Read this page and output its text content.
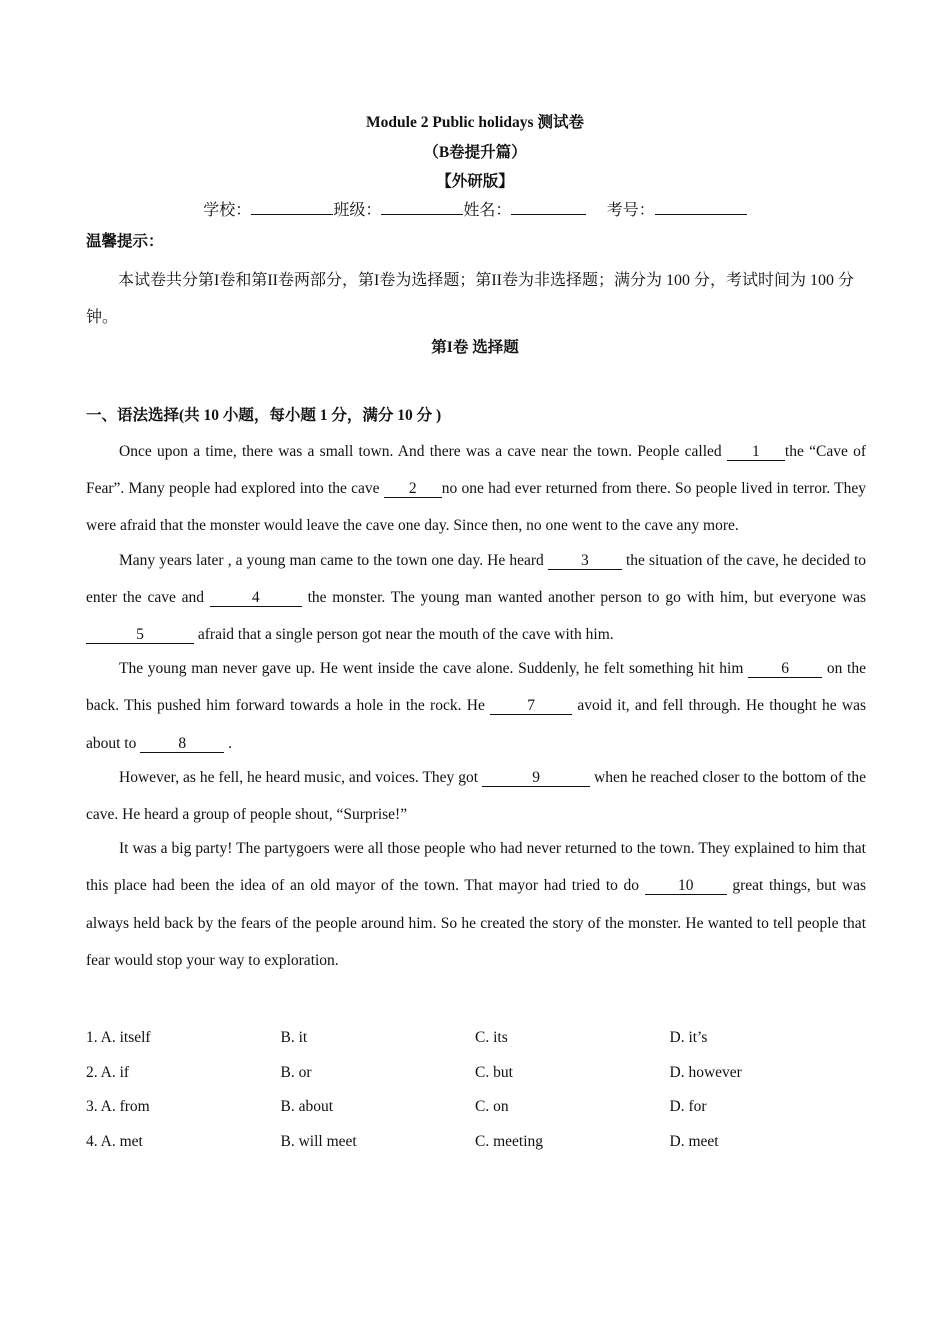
Module 2 Public holidays 测试卷
（B卷提升篇）
【外研版】
学校：	班级：	姓名：	考号：
温馨提示：
本试卷共分第I卷和第II卷两部分，第I卷为选择题；第II卷为非选择题；满分为 100 分，考试时间为 100 分钟。
第I卷 选择题
一、语法选择(共 10 小题，每小题 1 分，满分 10 分 )

Once upon a time, there was a small town. And there was a cave near the town. People called 1 the “Cave of Fear”. Many people had explored into the cave 2 no one had ever returned from there. So people lived in terror. They were afraid that the monster would leave the cave one day. Since then, no one went to the cave any more.

Many years later , a young man came to the town one day. He heard 3 the situation of the cave, he decided to enter the cave and	4	the monster. The young man wanted another person to go with him, but everyone was 5	afraid that a single person got near the mouth of the cave with him.

The young man never gave up. He went inside the cave alone. Suddenly, he felt something hit him 6 on the back. This pushed him forward towards a hole in the rock. He 7 avoid it, and fell through. He thought he was about to 8 .

However, as he fell, he heard music, and voices. They got	9	when he reached closer to the bottom of the cave. He heard a group of people shout, “Surprise!”

It was a big party! The partygoers were all those people who had never returned to the town. They explained to him that this place had been the idea of an old mayor of the town. That mayor had tried to do 10 great things, but was always held back by the fears of the people around him. So he created the story of the monster. He wanted to tell people that fear would stop your way to exploration.

1. A. itself	B. it	C. its	D. it’s
2. A. if	B. or	C. but	D. however
3. A. from	B. about	C. on	D. for
4. A. met	B. will meet	C. meeting	D. meet
